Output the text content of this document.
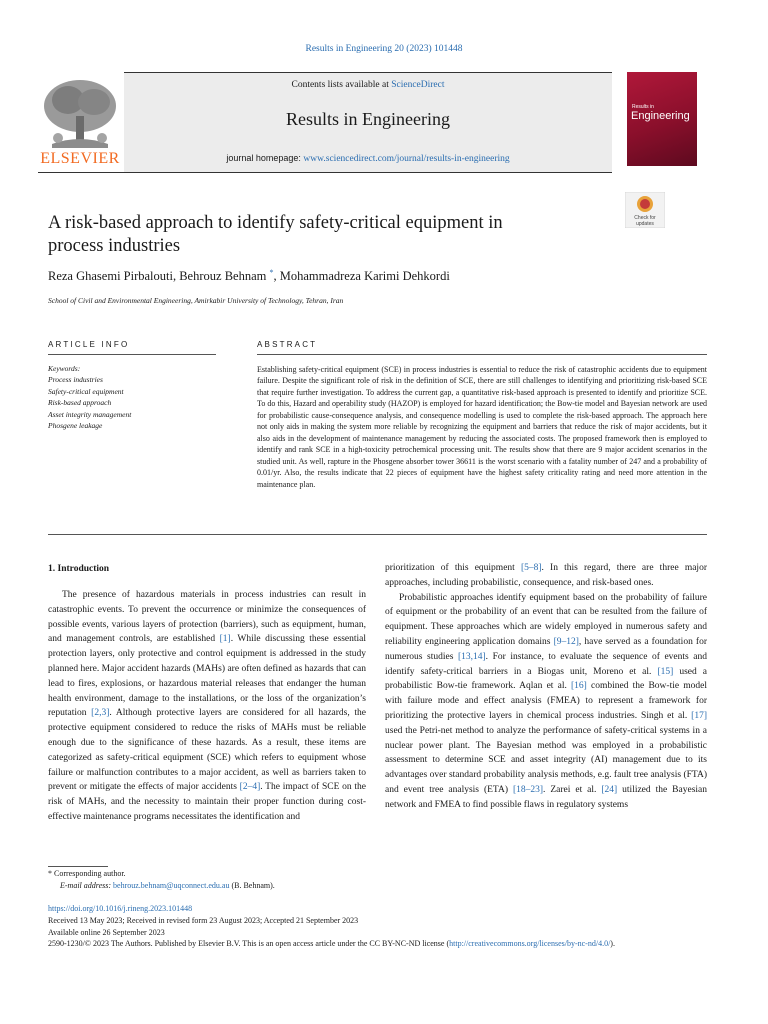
Results in Engineering 20 (2023) 101448
Contents lists available at ScienceDirect
Results in Engineering
journal homepage: www.sciencedirect.com/journal/results-in-engineering
ELSEVIER
Results in
Engineering
A risk-based approach to identify safety-critical equipment in
process industries
Check for
updates
Reza Ghasemi Pirbalouti, Behrouz Behnam *, Mohammadreza Karimi Dehkordi
School of Civil and Environmental Engineering, Amirkabir University of Technology, Tehran, Iran
ARTICLE INFO	ABSTRACT
Keywords:
Process industries
Safety-critical equipment
Risk-based approach
Asset integrity management
Phosgene leakage
Establishing safety-critical equipment (SCE) in process industries is essential to reduce the risk of catastrophic accidents due to equipment failure. Despite the significant role of risk in the definition of SCE, there are still challenges to identifying and prioritizing risk-based SCE that require further investigation. To address the current gap, a quantitative risk-based approach is presented to identify and prioritize SCE. To do this, Hazard and operability study (HAZOP) is employed for hazard identification; the Bow-tie model and Bayesian network are used for probabilistic cause-consequence analysis, and consequence modelling is used to complete the risk-based approach. The approach here not only aids in making the system more reliable by recognizing the equipment and barriers that reduce the risk of major accidents, but it also aids in the development of maintenance management by reducing the associated costs. The proposed framework then is employed to identify and rank SCE in a high-toxicity petrochemical processing unit. The results show that there are 9 major accident scenarios in the studied unit. As well, rapture in the Phosgene absorber tower 36611 is the worst scenario with a fatality number of 247 and a probability of 0.01/yr. Also, the results indicate that 22 pieces of equipment have the highest safety criticality rating and need more attention in the maintenance plan.
1. Introduction

The presence of hazardous materials in process industries can result in catastrophic events. To prevent the occurrence or minimize the consequences of possible events, various layers of protection (barriers), such as equipment, human, and management controls, are established [1]. While discussing these essential protection layers, only protective and control equipment is addressed in the study planned here. Major accident hazards (MAHs) are often defined as hazards that can lead to fires, explosions, or hazardous material releases that endanger the human health environment, damage to the installations, or the loss of the organization’s reputation [2,3]. Although protective layers are considered for all hazards, the protective equipment considered to reduce the risks of MAHs must be reliable enough due to the significance of these hazards. As a result, these items are categorized as safety-critical equipment (SCE) which refers to equipment whose failure or malfunction contributes to a major accident, as well as barriers taken to prevent or mitigate the effects of major accidents [2–4]. The impact of SCE on the risk of MAHs, and the necessity to maintain their proper function during cost-effective maintenance programs necessitates the identification and

prioritization of this equipment [5–8]. In this regard, there are three major approaches, including probabilistic, consequence, and risk-based ones.

Probabilistic approaches identify equipment based on the probability of failure of equipment or the probability of an event that can be resulted from the failure of equipment. These approaches which are widely employed in numerous safety and reliability engineering application domains [9–12], have served as a foundation for numerous studies [13,14]. For instance, to evaluate the sequence of events and identify safety-critical barriers in a Biogas unit, Moreno et al. [15] used a probabilistic Bow-tie framework. Aqlan et al. [16] combined the Bow-tie model with failure mode and effect analysis (FMEA) to represent a framework for prioritizing the protective layers in chemical process industries. Singh et al. [17] used the Petri-net method to analyze the performance of safety-critical systems in a nuclear power plant. The Bayesian method was employed in a probabilistic assessment to determine SCE and asset integrity (AI) management due to its advantages over standard probability analysis methods, e.g. fault tree analysis (FTA) and event tree analysis (ETA) [18–23]. Zarei et al. [24] utilized the Bayesian network and FMEA to find possible flaws in regulatory systems

* Corresponding author.
E-mail address: behrouz.behnam@uqconnect.edu.au (B. Behnam).
https://doi.org/10.1016/j.rineng.2023.101448
Received 13 May 2023; Received in revised form 23 August 2023; Accepted 21 September 2023
Available online 26 September 2023
2590-1230/© 2023 The Authors. Published by Elsevier B.V. This is an open access article under the CC BY-NC-ND license (http://creativecommons.org/licenses/by-nc-nd/4.0/).
